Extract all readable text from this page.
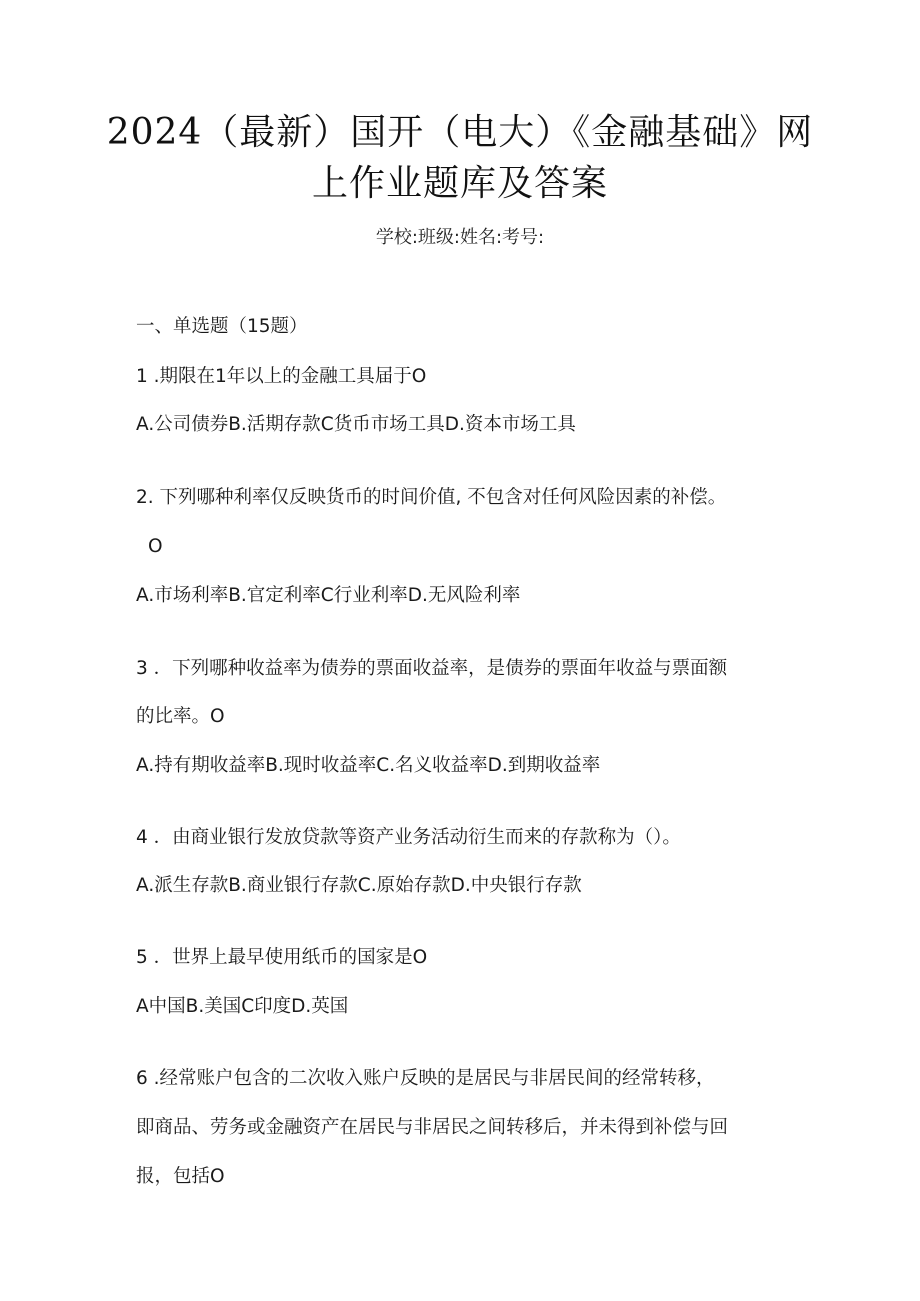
2024（最新）国开（电大）《金融基础》网
上作业题库及答案
学校:班级:姓名:考号:
一、单选题（15题）
1 .期限在1年以上的金融工具届于O
A.公司债券B.活期存款C货币市场工具D.资本市场工具
2. 下列哪种利率仅反映货币的时间价值, 不包含对任何风险因素的补偿。
O
A.市场利率B.官定利率C行业利率D.无风险利率
3 ．下列哪种收益率为债券的票面收益率，是债券的票面年收益与票面额
的比率。O
A.持有期收益率B.现时收益率C.名义收益率D.到期收益率
4 ．由商业银行发放贷款等资产业务活动衍生而来的存款称为（）。
A.派生存款B.商业银行存款C.原始存款D.中央银行存款
5 ．世界上最早使用纸币的国家是O
A中国B.美国C印度D.英国
6 .经常账户包含的二次收入账户反映的是居民与非居民间的经常转移，
即商品、劳务或金融资产在居民与非居民之间转移后，并未得到补偿与回
报，包括O
